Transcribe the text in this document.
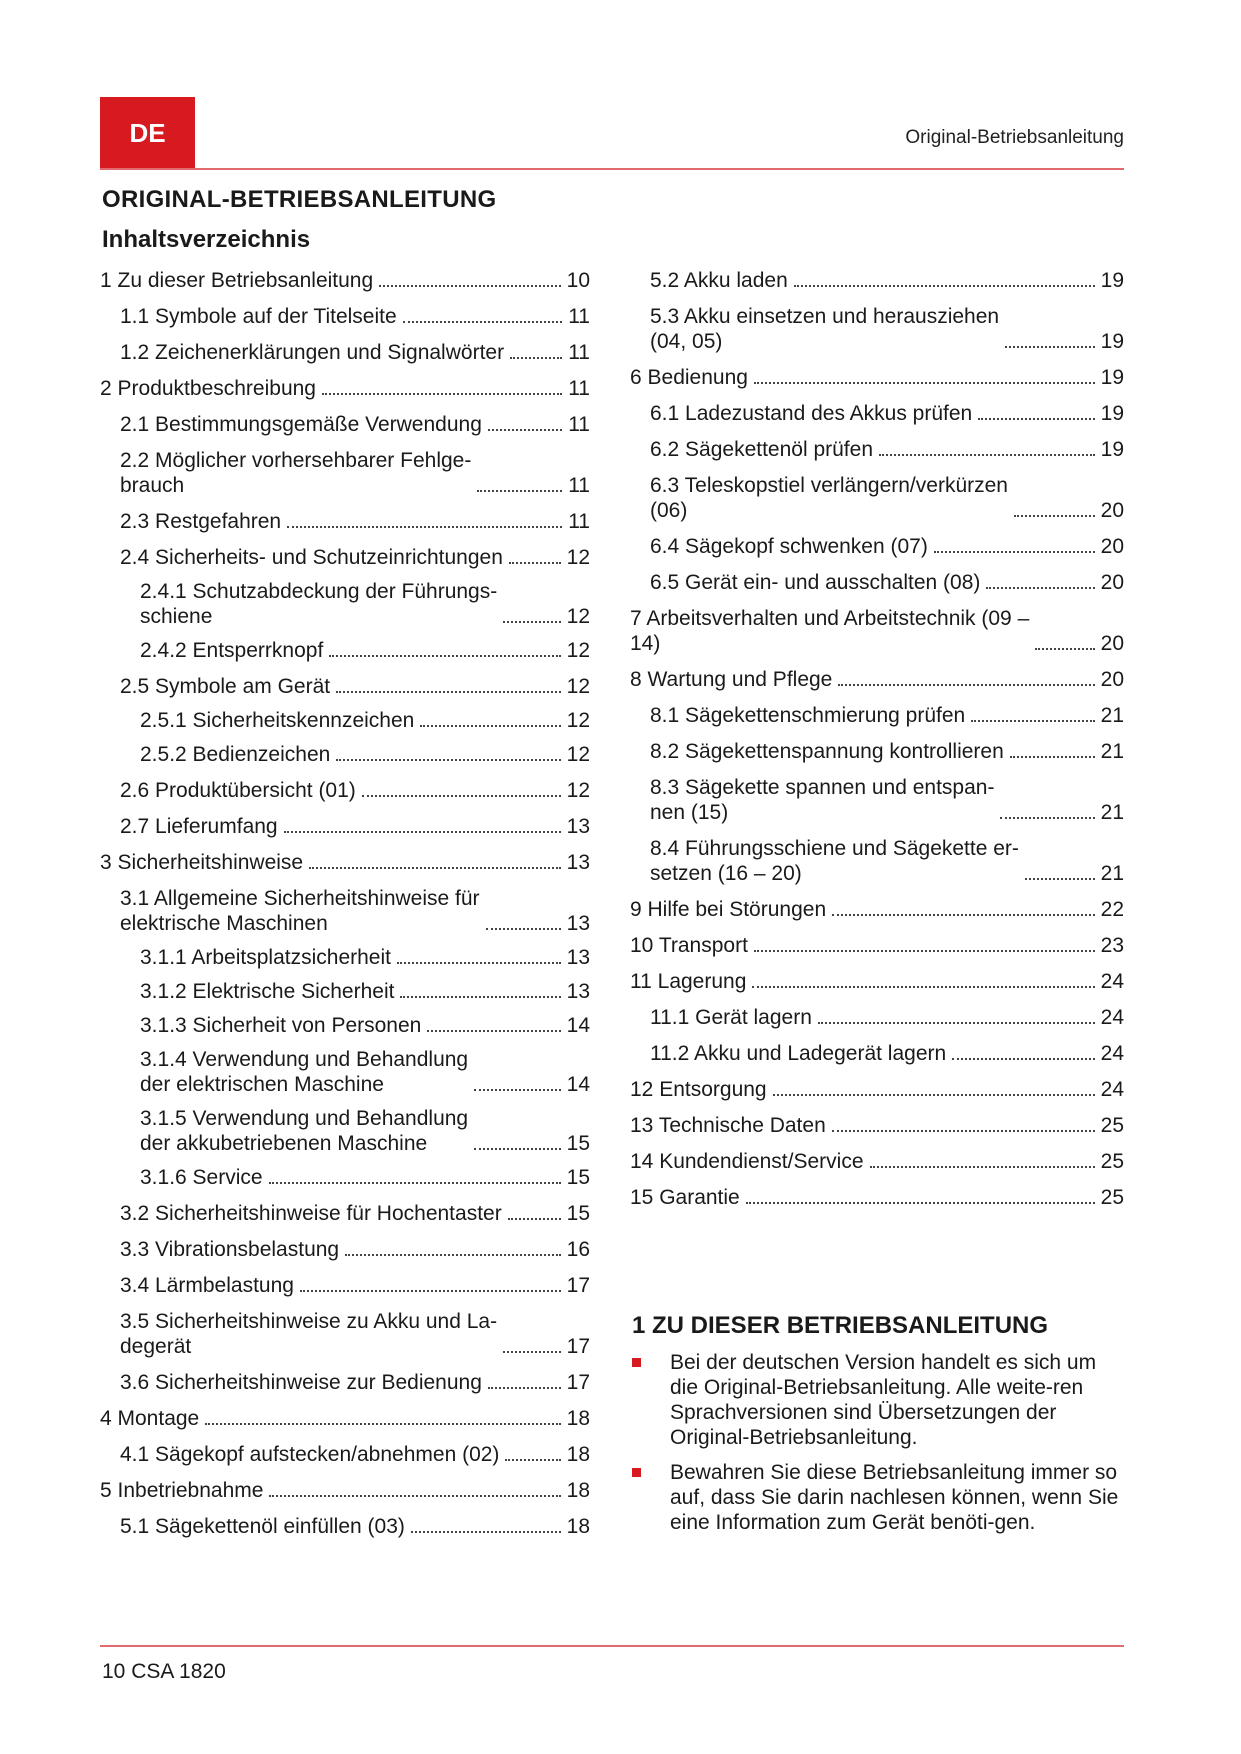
DE	Original-Betriebsanleitung
ORIGINAL-BETRIEBSANLEITUNG
Inhaltsverzeichnis
1 Zu dieser Betriebsanleitung	10
1.1 Symbole auf der Titelseite	11
1.2 Zeichenerklärungen und Signalwörter	11
2 Produktbeschreibung	11
2.1 Bestimmungsgemäße Verwendung	11
2.2 Möglicher vorhersehbarer Fehlge-
brauch	11
2.3 Restgefahren	11
2.4 Sicherheits- und Schutzeinrichtungen	12
2.4.1 Schutzabdeckung der Führungs-
schiene	12
2.4.2 Entsperrknopf	12
2.5 Symbole am Gerät	12
2.5.1 Sicherheitskennzeichen	12
2.5.2 Bedienzeichen	12
2.6 Produktübersicht (01)	12
2.7 Lieferumfang	13
3 Sicherheitshinweise	13
3.1 Allgemeine Sicherheitshinweise für
elektrische Maschinen	13
3.1.1 Arbeitsplatzsicherheit	13
3.1.2 Elektrische Sicherheit	13
3.1.3 Sicherheit von Personen	14
3.1.4 Verwendung und Behandlung
der elektrischen Maschine	14
3.1.5 Verwendung und Behandlung
der akkubetriebenen Maschine	15
3.1.6 Service	15
3.2 Sicherheitshinweise für Hochentaster	15
3.3 Vibrationsbelastung	16
3.4 Lärmbelastung	17
3.5 Sicherheitshinweise zu Akku und La-
degerät	17
3.6 Sicherheitshinweise zur Bedienung	17
4 Montage	18
4.1 Sägekopf aufstecken/abnehmen (02)	18
5 Inbetriebnahme	18
5.1 Sägekettenöl einfüllen (03)	18
5.2 Akku laden	19
5.3 Akku einsetzen und herausziehen
(04, 05)	19
6 Bedienung	19
6.1 Ladezustand des Akkus prüfen	19
6.2 Sägekettenöl prüfen	19
6.3 Teleskopstiel verlängern/verkürzen
(06)	20
6.4 Sägekopf schwenken (07)	20
6.5 Gerät ein- und ausschalten (08)	20
7 Arbeitsverhalten und Arbeitstechnik (09 –
14)	20
8 Wartung und Pflege	20
8.1 Sägekettenschmierung prüfen	21
8.2 Sägekettenspannung kontrollieren	21
8.3 Sägekette spannen und entspan-
nen (15)	21
8.4 Führungsschiene und Sägekette er-
setzen (16 – 20)	21
9 Hilfe bei Störungen	22
10 Transport	23
11 Lagerung	24
11.1 Gerät lagern	24
11.2 Akku und Ladegerät lagern	24
12 Entsorgung	24
13 Technische Daten	25
14 Kundendienst/Service	25
15 Garantie	25
1 ZU DIESER BETRIEBSANLEITUNG
Bei der deutschen Version handelt es sich um die Original-Betriebsanleitung. Alle weite-ren Sprachversionen sind Übersetzungen der Original-Betriebsanleitung.
Bewahren Sie diese Betriebsanleitung immer so auf, dass Sie darin nachlesen können, wenn Sie eine Information zum Gerät benöti-gen.
10 CSA 1820
